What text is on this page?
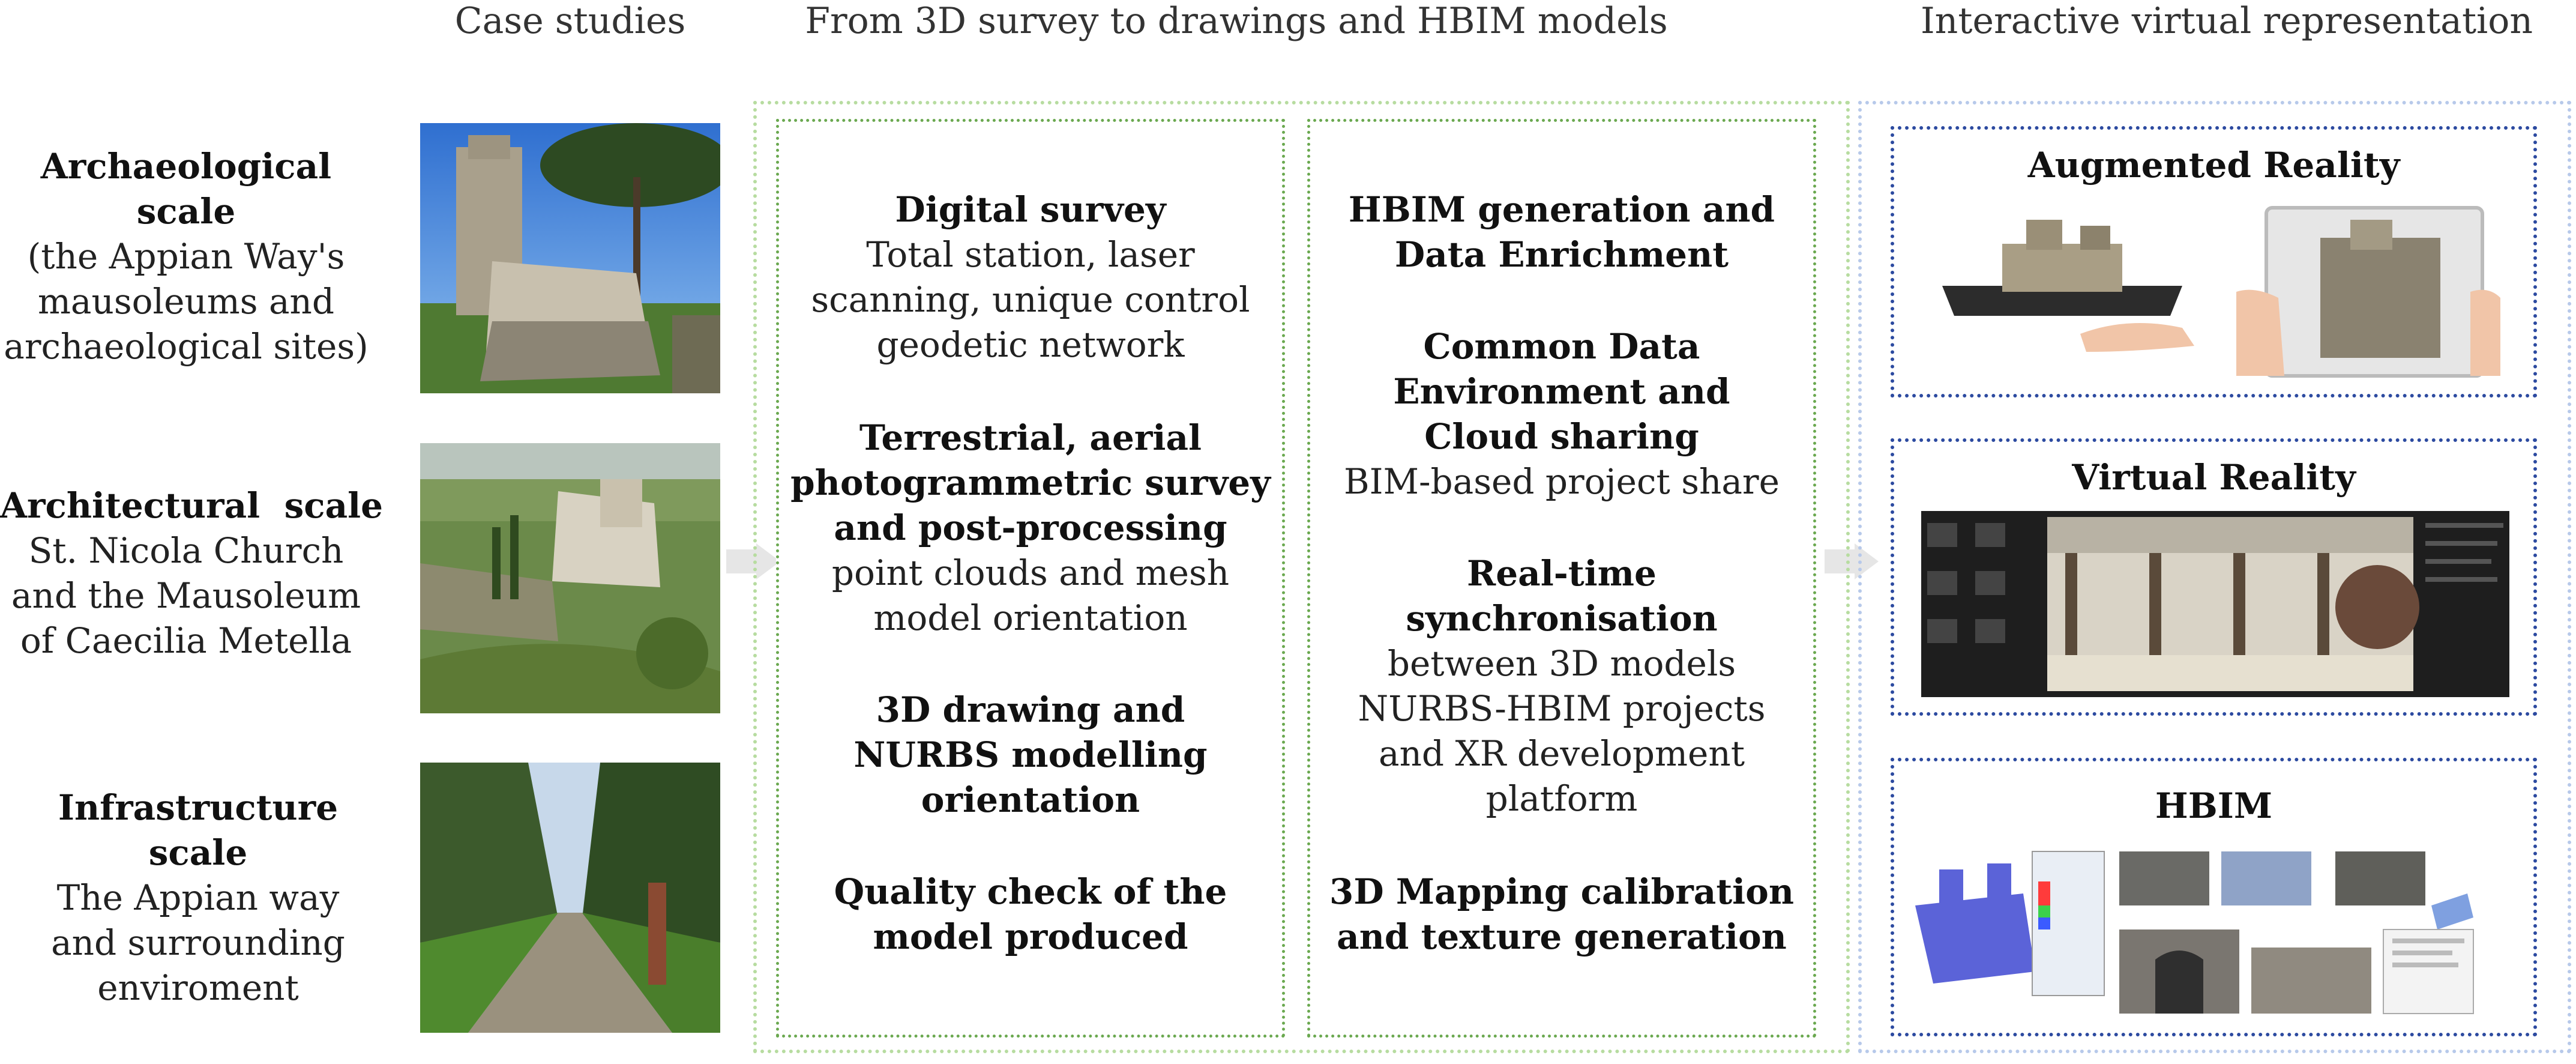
Case studies	From 3D survey to drawings and HBIM models	Interactive virtual representation
Archaeological
scale
(the Appian Way's
mausoleums and
archaeological sites)
Architectural  scale
St. Nicola Church
and the Mausoleum
of Caecilia Metella
Infrastructure scale
The Appian way
and surrounding
enviroment
Digital survey
Total station, laser
scanning, unique control
geodetic network
Terrestrial, aerial
photogrammetric survey
and post-processing
point clouds and mesh
model orientation
3D drawing and
NURBS modelling
orientation
Quality check of the
model produced
HBIM generation and
Data Enrichment
Common Data
Environment and
Cloud sharing
BIM-based project share
Real-time
synchronisation
between 3D models
NURBS-HBIM projects
and XR development
platform
3D Mapping calibration
and texture generation
Augmented Reality
Virtual Reality
HBIM
